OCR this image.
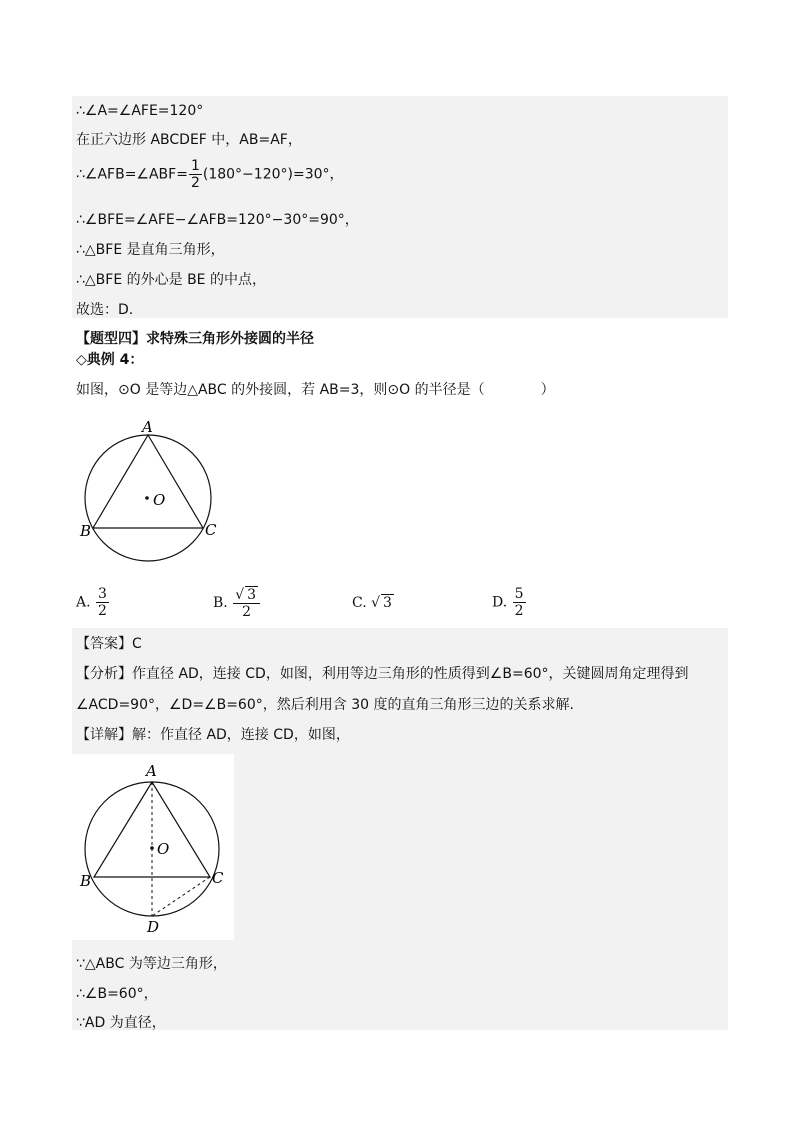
∴∠A=∠AFE=120°
在正六边形 ABCDEF 中，AB=AF，
∴∠AFB=∠ABF= $\frac{1}{2} (180^\circ-120^\circ)=30^\circ$，
∴∠BFE=∠AFE−∠AFB=120°−30°=90°，
∴△BFE 是直角三角形，
∴△BFE 的外心是 BE 的中点，
故选：D.
【题型四】求特殊三角形外接圆的半径
◇典例 4：
如图，⊙O 是等边△ABC 的外接圆，若 AB=3，则⊙O 的半径是（　　　　）
A
B	C
O
A. $\frac{3}{2}$	B. $\frac{√ 3}{2}$	C. √ 3	D. $\frac{5}{2}$
【答案】C
【分析】作直径 AD，连接 CD，如图，利用等边三角形的性质得到∠B=60°，关键圆周角定理得到
∠ACD=90°，∠D=∠B=60°，然后利用含 30 度的直角三角形三边的关系求解.
【详解】解：作直径 AD，连接 CD，如图，
A
B	C
O
D
∵△ABC 为等边三角形，
∴∠B=60°，
∵AD 为直径，
